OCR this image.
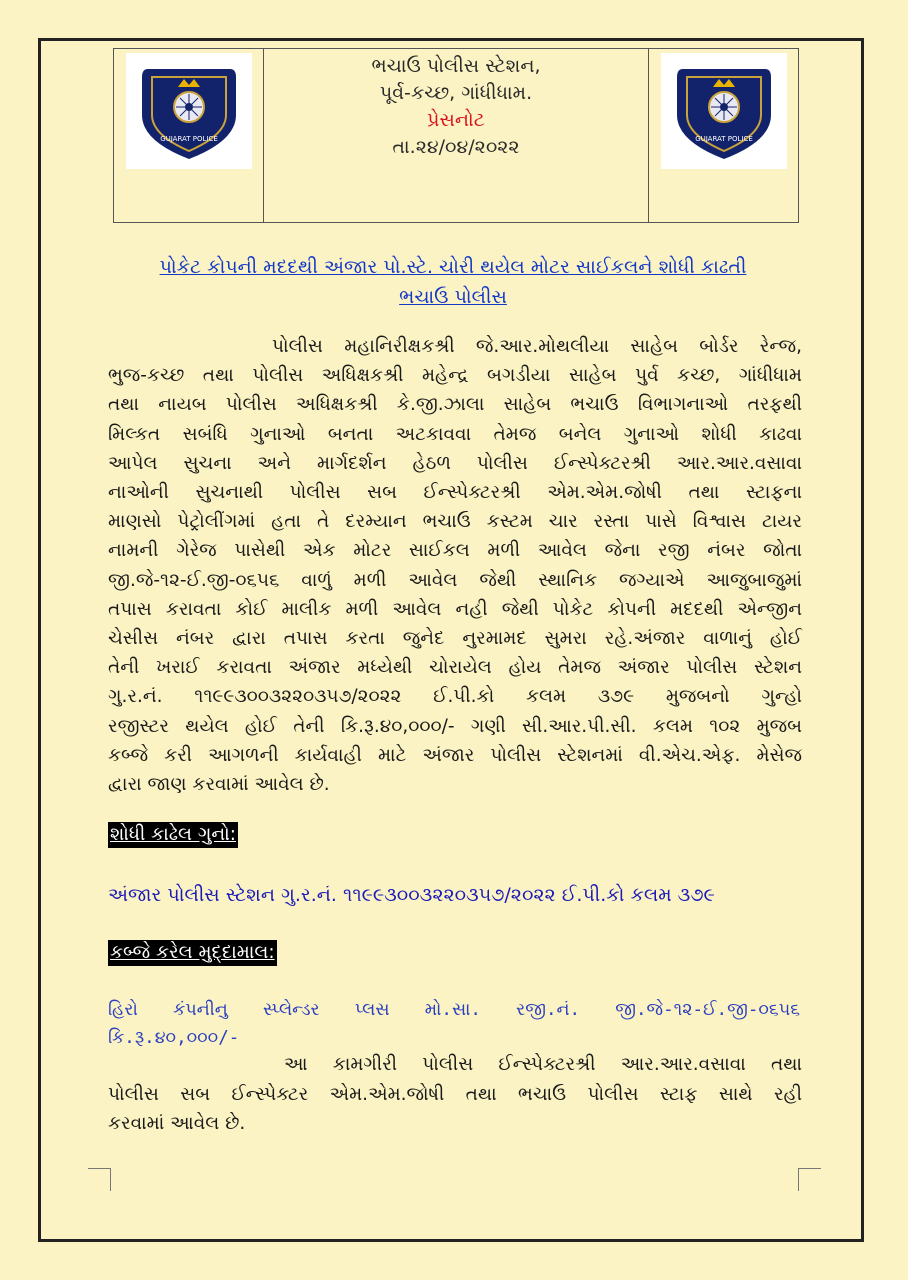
GUJARAT POLICE
ભચાઉ પોલીસ સ્ટેશન,
પૂર્વ-કચ્છ, ગાંધીધામ.
પ્રેસનોટ
તા.૨૪/૦૪/૨૦૨૨	GUJARAT POLICE
પોકેટ કોપની મદદથી અંજાર પો.સ્ટે. ચોરી થયેલ મોટર સાઈકલને શોધી કાઢતી
ભચાઉ પોલીસ
પોલીસ મહાનિરીક્ષકશ્રી જે.આર.મોથલીયા સાહેબ બોર્ડર રેન્જ,
ભુજ-કચ્છ તથા પોલીસ અધિક્ષકશ્રી મહેન્દ્ર બગડીયા સાહેબ પુર્વ કચ્છ, ગાંધીધામ
તથા નાયબ પોલીસ અધિક્ષકશ્રી કે.જી.ઝાલા સાહેબ ભચાઉ વિભાગનાઓ તરફથી
મિલ્કત સબંધિ ગુનાઓ બનતા અટકાવવા તેમજ બનેલ ગુનાઓ શોધી કાઢવા
આપેલ સુચના અને માર્ગદર્શન હેઠળ પોલીસ ઈન્સ્પેક્ટરશ્રી આર.આર.વસાવા
નાઓની સુચનાથી પોલીસ સબ ઈન્સ્પેક્ટરશ્રી એમ.એમ.જોષી તથા સ્ટાફના
માણસો પેટ્રોલીંગમાં હતા તે દરમ્યાન ભચાઉ કસ્ટમ ચાર રસ્તા પાસે વિશ્વાસ ટાયર
નામની ગેરેજ પાસેથી એક મોટર સાઈકલ મળી આવેલ જેના રજી નંબર જોતા
જી.જે-૧૨-ઈ.જી-૦૬૫૬ વાળું મળી આવેલ જેથી સ્થાનિક જગ્યાએ આજુબાજુમાં
તપાસ કરાવતા કોઈ માલીક મળી આવેલ નહી જેથી પોકેટ કોપની મદદથી એન્જીન
ચેસીસ નંબર દ્વારા તપાસ કરતા જુનેદ નુરમામદ સુમરા રહે.અંજાર વાળાનું હોઈ
તેની ખરાઈ કરાવતા અંજાર મધ્યેથી ચોરાયેલ હોય તેમજ અંજાર પોલીસ સ્ટેશન
ગુ.ર.નં. ૧૧૯૯૩૦૦૩૨૨૦૩૫૭/૨૦૨૨ ઈ.પી.કો કલમ ૩૭૯ મુજબનો ગુન્હો
રજીસ્ટર થયેલ હોઈ તેની કિ.રૂ.૪૦,૦૦૦/- ગણી સી.આર.પી.સી. કલમ ૧૦૨ મુજબ
કબ્જે કરી આગળની કાર્યવાહી માટે અંજાર પોલીસ સ્ટેશનમાં વી.એચ.એફ. મેસેજ
દ્વારા જાણ કરવામાં આવેલ છે.
શોધી કાઢેલ ગુનો:
અંજાર પોલીસ સ્ટેશન ગુ.ર.નં. ૧૧૯૯૩૦૦૩૨૨૦૩૫૭/૨૦૨૨ ઈ.પી.કો કલમ ૩૭૯
કબ્જે કરેલ મુદ્દામાલ:
હિરો કંપનીનુ સ્પ્લેન્ડર પ્લસ મો.સા. રજી.નં. જી.જે-૧૨-ઈ.જી-૦૬૫૬
કિ.રૂ.૪૦,૦૦૦/-
આ કામગીરી પોલીસ ઈન્સ્પેક્ટરશ્રી આર.આર.વસાવા તથા
પોલીસ સબ ઈન્સ્પેક્ટર એમ.એમ.જોષી તથા ભચાઉ પોલીસ સ્ટાફ સાથે રહી
કરવામાં આવેલ છે.
